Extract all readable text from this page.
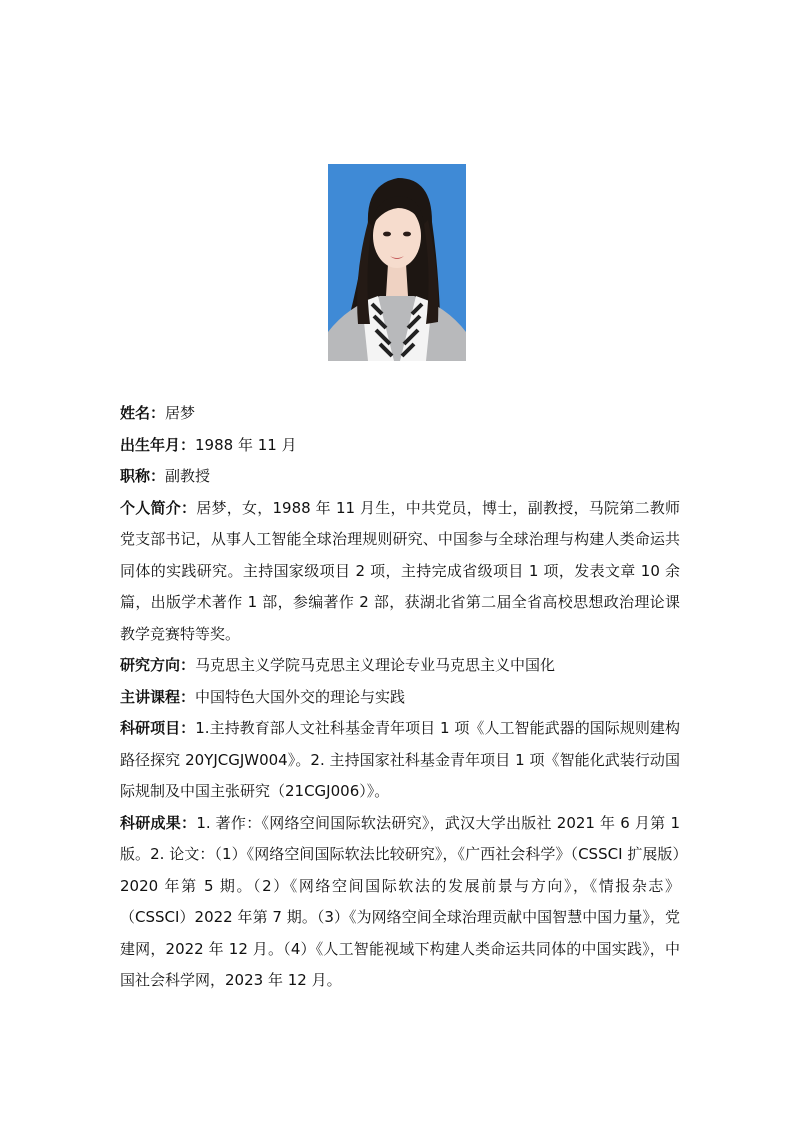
姓名：居梦

出生年月：1988 年 11 月

职称：副教授

个人简介：居梦，女，1988 年 11 月生，中共党员，博士，副教授，马院第二教师党支部书记，从事人工智能全球治理规则研究、中国参与全球治理与构建人类命运共同体的实践研究。主持国家级项目 2 项，主持完成省级项目 1 项，发表文章 10 余篇，出版学术著作 1 部，参编著作 2 部，获湖北省第二届全省高校思想政治理论课教学竞赛特等奖。

研究方向：马克思主义学院马克思主义理论专业马克思主义中国化

主讲课程：中国特色大国外交的理论与实践

科研项目：1.主持教育部人文社科基金青年项目 1 项《人工智能武器的国际规则建构路径探究 20YJCGJW004》。2. 主持国家社科基金青年项目 1 项《智能化武装行动国际规制及中国主张研究（21CGJ006）》。

科研成果：1. 著作：《网络空间国际软法研究》，武汉大学出版社 2021 年 6 月第 1 版。2. 论文：（1）《网络空间国际软法比较研究》，《广西社会科学》（CSSCI 扩展版）2020 年第 5 期。（2）《网络空间国际软法的发展前景与方向》，《情报杂志》（CSSCI）2022 年第 7 期。（3）《为网络空间全球治理贡献中国智慧中国力量》，党建网，2022 年 12 月。（4）《人工智能视域下构建人类命运共同体的中国实践》，中国社会科学网，2023 年 12 月。
